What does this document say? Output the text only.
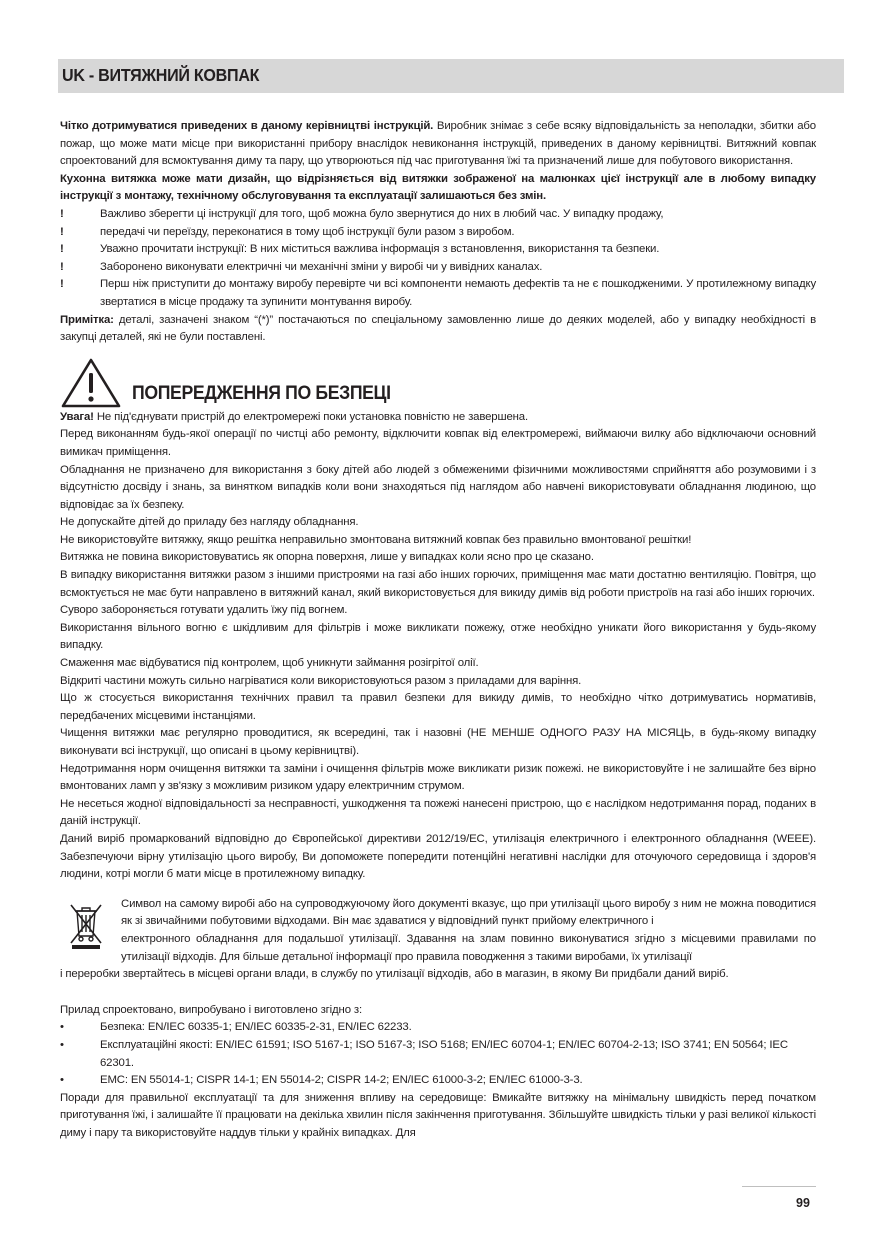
UK - ВИТЯЖНИЙ КОВПАК

Чітко дотримуватися приведених в даному керівництві інструкцій. Виробник знімає з себе всяку відповідальність за неполадки, збитки або пожар, що може мати місце при використанні прибору внаслідок невиконання інструкцій, приведених в даному керівництві. Витяжний ковпак спроектований для всмоктування диму та пару, що утворюються під час приготування їжі та призначений лише для побутового використання.

Кухонна витяжка може мати дизайн, що відрізняється від витяжки зображеної на малюнках цієї інструкції але в любому випадку інструкції з монтажу, технічному обслуговування та експлуатації залишаються без змін.

!	Важливо зберегти ці інструкції для того, щоб можна було звернутися до них в любий час. У випадку продажу,
!	передачі чи переїзду, переконатися в тому щоб інструкції були разом з виробом.
!	Уважно прочитати інструкції: В них міститься важлива інформація з встановлення, використання та безпеки.
!	Заборонено виконувати електричні чи механічні зміни у виробі чи у вивідних каналах.
!	Перш ніж приступити до монтажу виробу перевірте чи всі компоненти немають дефектів та не є пошкодженими. У протилежному випадку звертатися в місце продажу та зупинити монтування виробу.

Примітка: деталі, зазначені знаком “(*)” постачаються по спеціальному замовленню лише до деяких моделей, або у випадку необхідності в закупці деталей, які не були поставлені.

ПОПЕРЕДЖЕННЯ ПО БЕЗПЕЦІ

Увага! Не під'єднувати пристрій до електромережі поки установка повністю не завершена.

Перед виконанням будь-якої операції по чистці або ремонту, відключити ковпак від електромережі, виймаючи вилку або відключаючи основний вимикач приміщення.

Обладнання не призначено для використання з боку дітей або людей з обмеженими фізичними можливостями сприйняття або розумовими і з відсутністю досвіду і знань, за винятком випадків коли вони знаходяться під наглядом або навчені використовувати обладнання людиною, що відповідає за їх безпеку.

Не допускайте дітей до приладу без нагляду обладнання.

Не використовуйте витяжку, якщо решітка неправильно змонтована витяжний ковпак без правильно вмонтованої решітки!

Витяжка не повина використовуватись як опорна поверхня, лише у випадках коли ясно про це сказано.

В випадку використання витяжки разом з іншими пристроями на газі або інших горючих, приміщення має мати достатню вентиляцію. Повітря, що всмоктується не має бути направлено в витяжний канал, який використовується для викиду димів від роботи пристроїв на газі або інших горючих.

Суворо забороняється готувати удалить їжу під вогнем.

Використання вільного вогню є шкідливим для фільтрів і може викликати пожежу, отже необхідно уникати його використання у будь-якому випадку.

Смаження має відбуватися під контролем, щоб уникнути займання розігрітої олії.

Відкриті частини можуть сильно нагріватися коли використовуються разом з приладами для варіння.

Що ж стосується використання технічних правил та правил безпеки для викиду димів, то необхідно чітко дотримуватись нормативів, передбачених місцевими інстанціями.

Чищення витяжки має регулярно проводитися, як всередині, так і назовні (НЕ МЕНШЕ ОДНОГО РАЗУ НА МІСЯЦЬ, в будь-якому випадку виконувати всі інструкції, що описані в цьому керівництві).

Недотримання норм очищення витяжки та заміни і очищення фільтрів може викликати ризик пожежі. не використовуйте і не залишайте без вірно вмонтованих ламп у зв'язку з можливим ризиком удару електричним струмом.

Не несеться жодної відповідальності за несправності, ушкодження та пожежі нанесені пристрою, що є наслідком недотримання порад, поданих в даній інструкції.

Даний виріб промаркований відповідно до Європейської директиви 2012/19/ЕС, утилізація електричного і електронного обладнання (WEEE). Забезпечуючи вірну утилізацію цього виробу, Ви допоможете попередити потенційні негативні наслідки для оточуючого середовища і здоров'я людини, котрі могли б мати місце в протилежному випадку.

Символ на самому виробі або на супроводжуючому його документі вказує, що при утилізації цього виробу з ним не можна поводитися як зі звичайними побутовими відходами. Він має здаватися у відповідний пункт прийому електричного і

електронного обладнання для подальшої утилізації. Здавання на злам повинно виконуватися згідно з місцевими правилами по утилізації відходів. Для більше детальної інформації про правила поводження з такими виробами, їх утилізації

і переробки звертайтесь в місцеві органи влади, в службу по утилізації відходів, або в магазин, в якому Ви придбали даний виріб.

Прилад спроектовано, випробувано і виготовлено згідно з:

•	Безпека: EN/IEC 60335-1; EN/IEC 60335-2-31, EN/IEC 62233.
•	Експлуатаційні якості: EN/IEC 61591; ISO 5167-1; ISO 5167-3; ISO 5168; EN/IEC 60704-1; EN/IEC 60704-2-13; ISO 3741; EN 50564; IEC 62301.
•	EMC: EN 55014-1; CISPR 14-1; EN 55014-2; CISPR 14-2; EN/IEC 61000-3-2; EN/IEC 61000-3-3.

Поради для правильної експлуатації та для зниження впливу на середовище: Вмикайте витяжку на мінімальну швидкість перед початком приготування їжі, і залишайте її працювати на декілька хвилин після закінчення приготування. Збільшуйте швидкість тільки у разі великої кількості диму і пару та використовуйте наддув тільки у крайніх випадках. Для

99
